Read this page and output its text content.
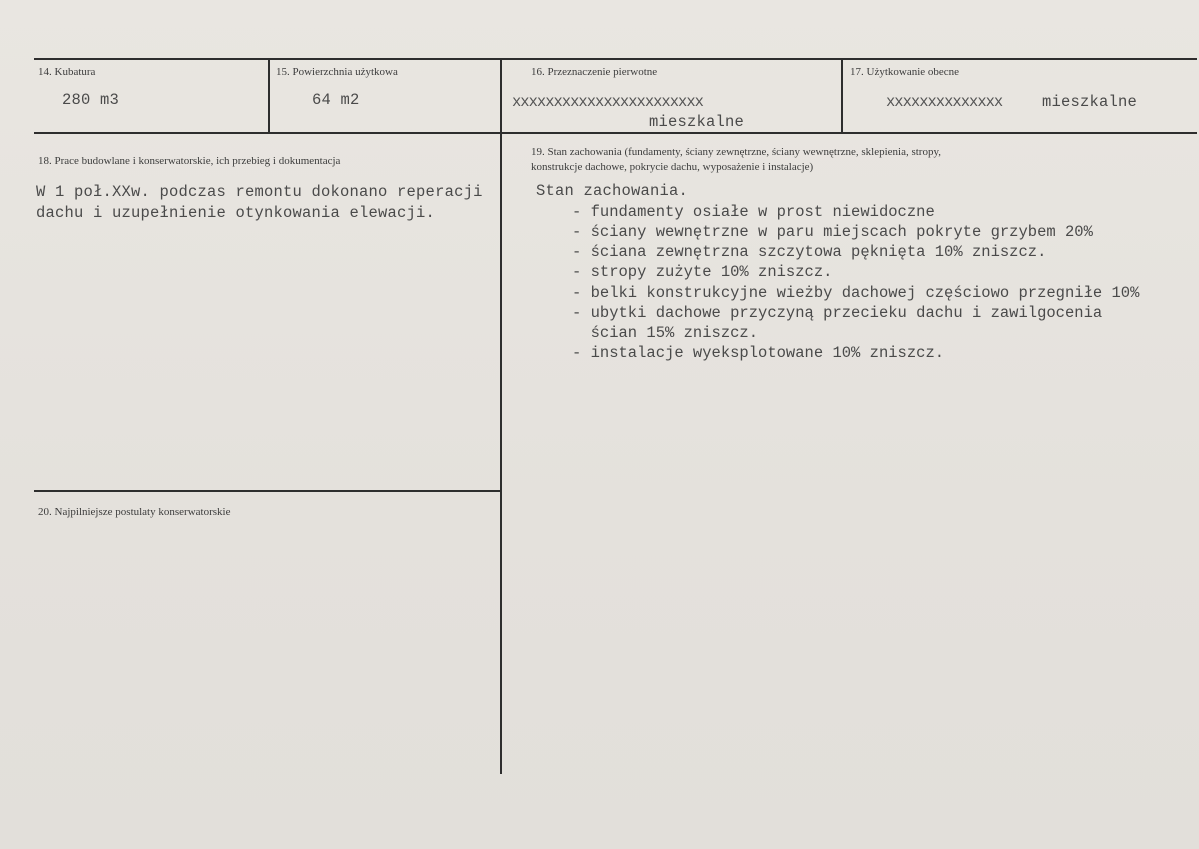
14. Kubatura
280 m3
15. Powierzchnia użytkowa
64 m2
16. Przeznaczenie pierwotne
xxxxxxxxxxxxxxxxxxxxxxx
mieszkalne
17. Użytkowanie obecne
xxxxxxxxxxxxxx	mieszkalne
18. Prace budowlane i konserwatorskie, ich przebieg i dokumentacja
W 1 poł.XXw. podczas remontu dokonano reperacji
dachu i uzupełnienie otynkowania elewacji.
19. Stan zachowania (fundamenty, ściany zewnętrzne, ściany wewnętrzne, sklepienia, stropy,
konstrukcje dachowe, pokrycie dachu, wyposażenie i instalacje)
Stan zachowania.
- fundamenty osiałe w prost niewidoczne
- ściany wewnętrzne w paru miejscach pokryte grzybem 20%
- ściana zewnętrzna szczytowa pęknięta 10% zniszcz.
- stropy zużyte 10% zniszcz.
- belki konstrukcyjne wieżby dachowej częściowo przegniłe 10%
- ubytki dachowe przyczyną przecieku dachu i zawilgocenia
ścian 15% zniszcz.
- instalacje wyeksplotowane 10% zniszcz.
20. Najpilniejsze postulaty konserwatorskie
